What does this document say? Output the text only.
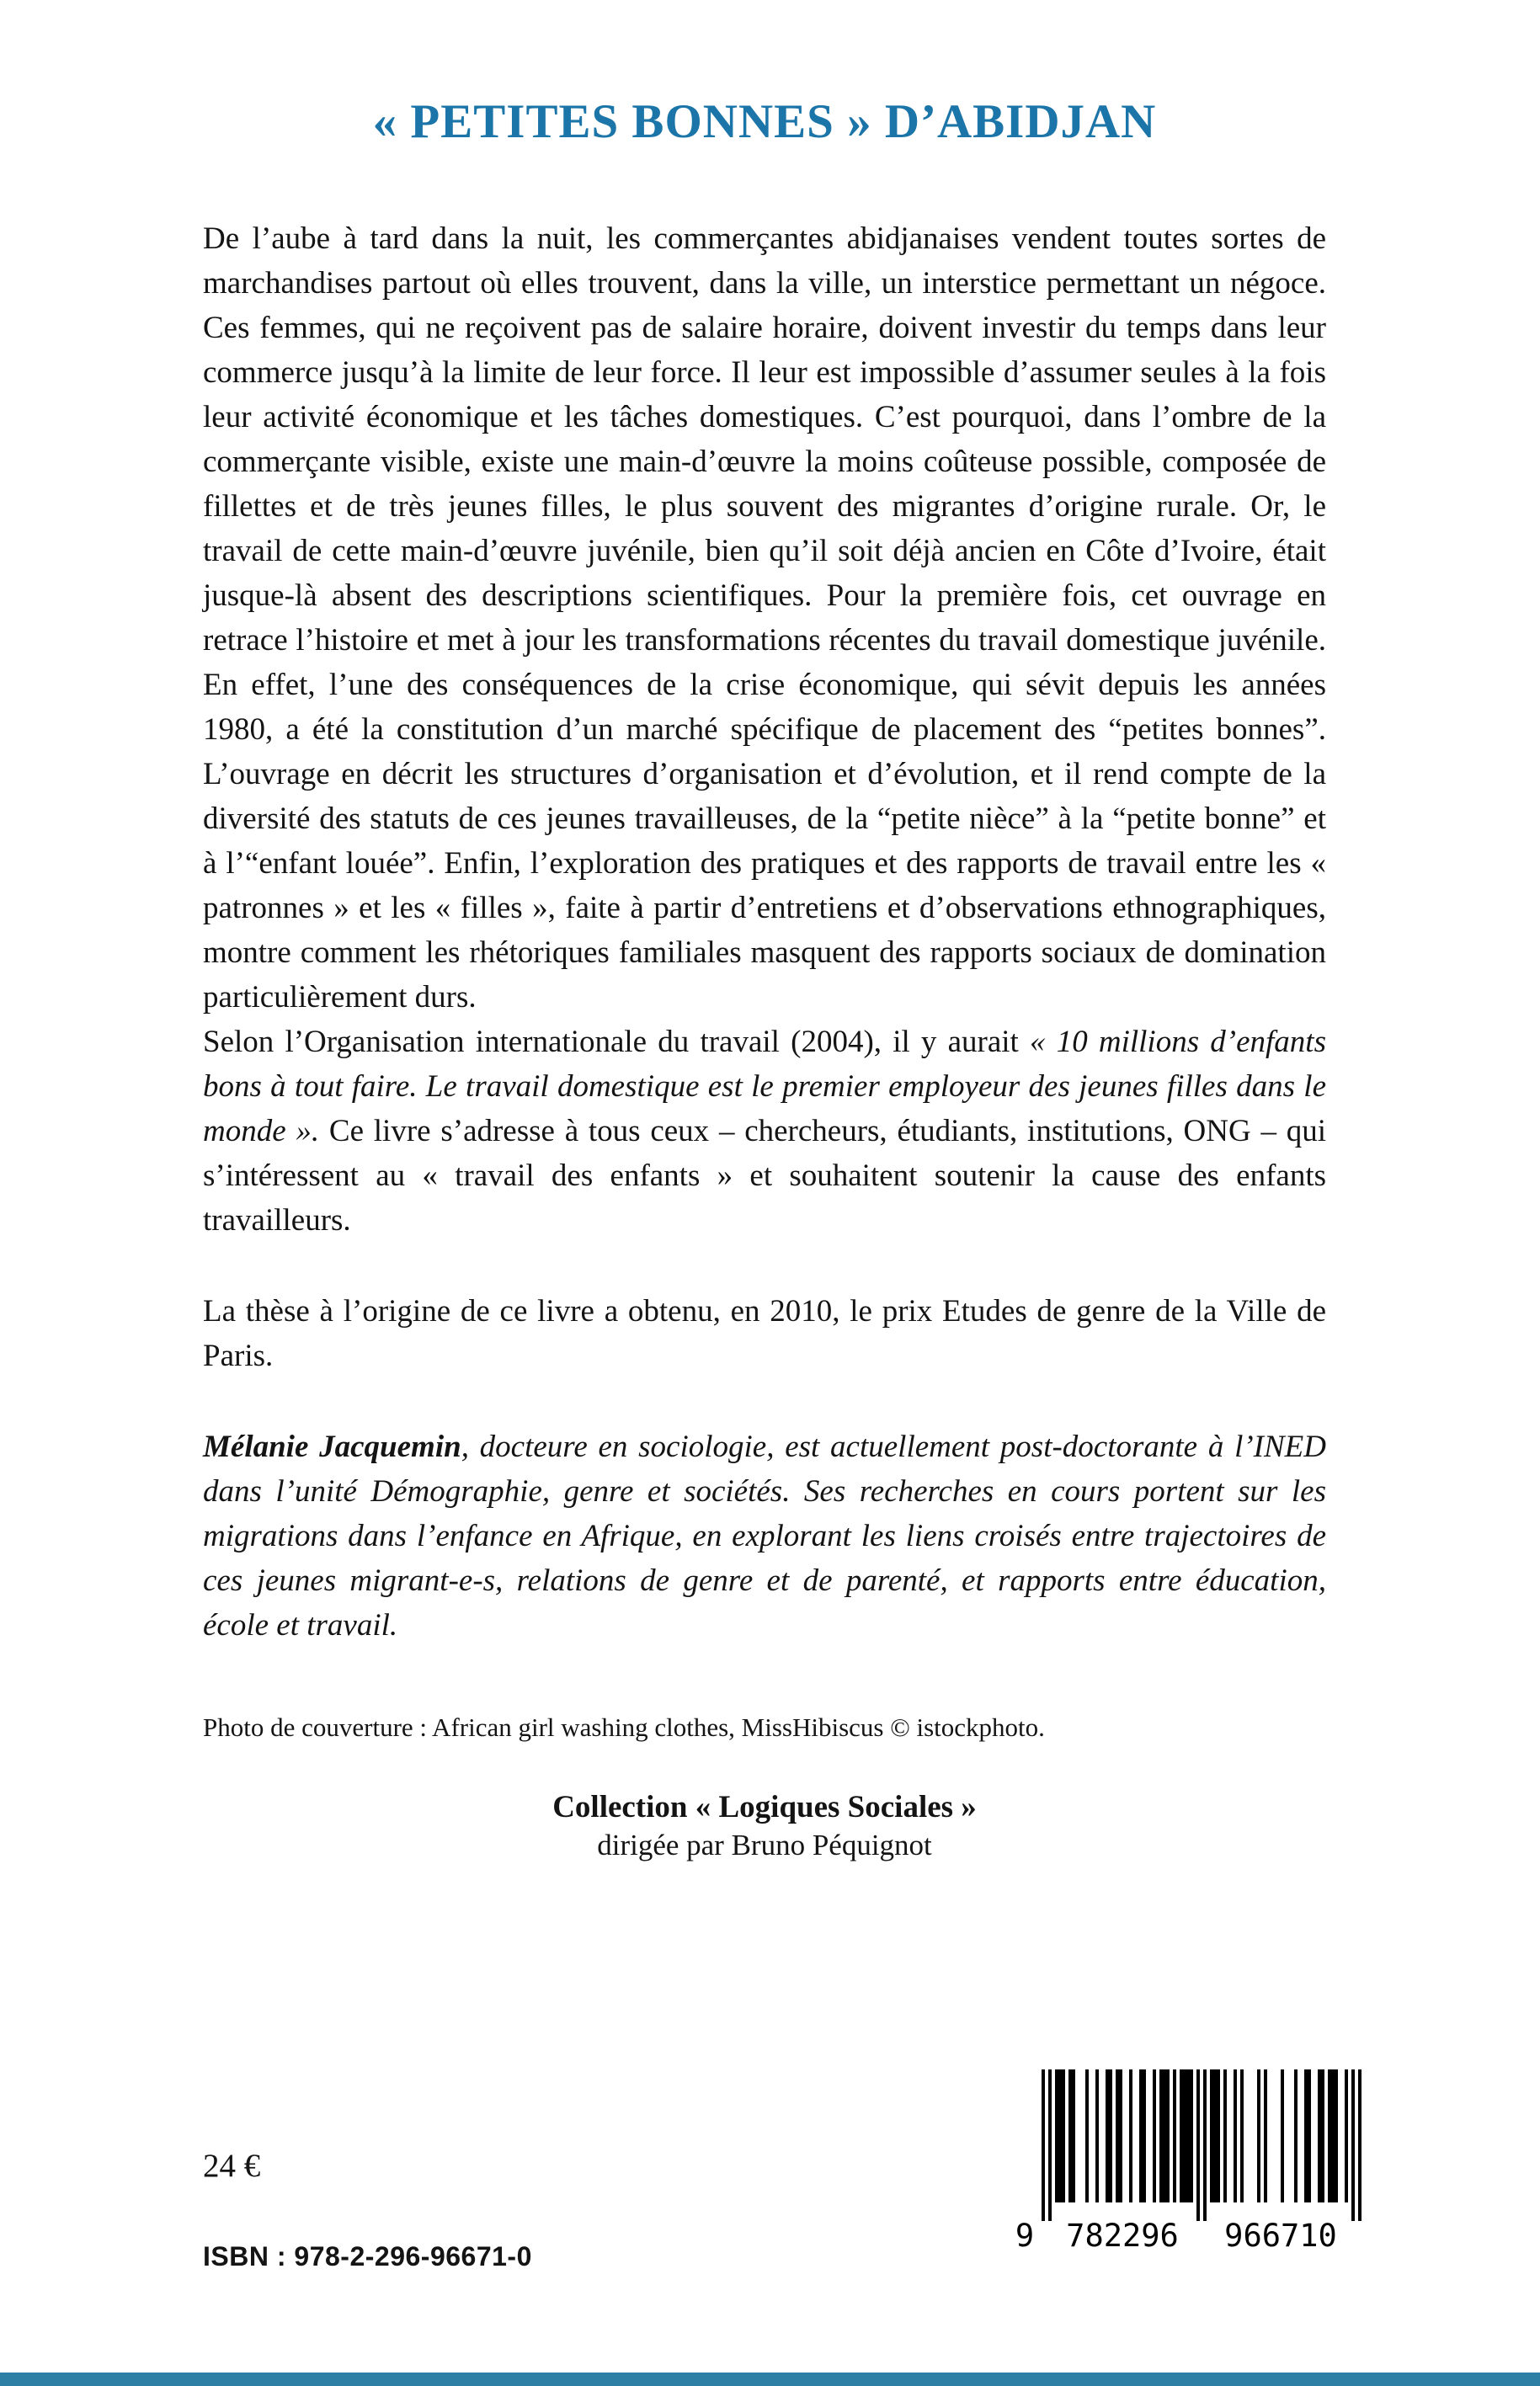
« PETITES BONNES » D’ABIDJAN

De l’aube à tard dans la nuit, les commerçantes abidjanaises vendent toutes sortes de marchandises partout où elles trouvent, dans la ville, un interstice permettant un négoce. Ces femmes, qui ne reçoivent pas de salaire horaire, doivent investir du temps dans leur commerce jusqu’à la limite de leur force. Il leur est impossible d’assumer seules à la fois leur activité économique et les tâches domestiques. C’est pourquoi, dans l’ombre de la commerçante visible, existe une main-d’œuvre la moins coûteuse possible, composée de fillettes et de très jeunes filles, le plus souvent des migrantes d’origine rurale. Or, le travail de cette main-d’œuvre juvénile, bien qu’il soit déjà ancien en Côte d’Ivoire, était jusque-là absent des descriptions scientifiques. Pour la première fois, cet ouvrage en retrace l’histoire et met à jour les transformations récentes du travail domestique juvénile. En effet, l’une des conséquences de la crise économique, qui sévit depuis les années 1980, a été la constitution d’un marché spécifique de placement des “petites bonnes”. L’ouvrage en décrit les structures d’organisation et d’évolution, et il rend compte de la diversité des statuts de ces jeunes travailleuses, de la “petite nièce” à la “petite bonne” et à l’“enfant louée”. Enfin, l’exploration des pratiques et des rapports de travail entre les « patronnes » et les « filles », faite à partir d’entretiens et d’observations ethnographiques, montre comment les rhétoriques familiales masquent des rapports sociaux de domination particulièrement durs.

Selon l’Organisation internationale du travail (2004), il y aurait « 10 millions d’enfants bons à tout faire. Le travail domestique est le premier employeur des jeunes filles dans le monde ». Ce livre s’adresse à tous ceux – chercheurs, étudiants, institutions, ONG – qui s’intéressent au « travail des enfants » et souhaitent soutenir la cause des enfants travailleurs.

La thèse à l’origine de ce livre a obtenu, en 2010, le prix Etudes de genre de la Ville de Paris.

Mélanie Jacquemin, docteure en sociologie, est actuellement post-doctorante à l’INED dans l’unité Démographie, genre et sociétés. Ses recherches en cours portent sur les migrations dans l’enfance en Afrique, en explorant les liens croisés entre trajectoires de ces jeunes migrant-e-s, relations de genre et de parenté, et rapports entre éducation, école et travail.

Photo de couverture : African girl washing clothes, MissHibiscus © istockphoto.

Collection « Logiques Sociales »
dirigée par Bruno Péquignot
24 €
ISBN : 978-2-296-96671-0
9 782296 966710
